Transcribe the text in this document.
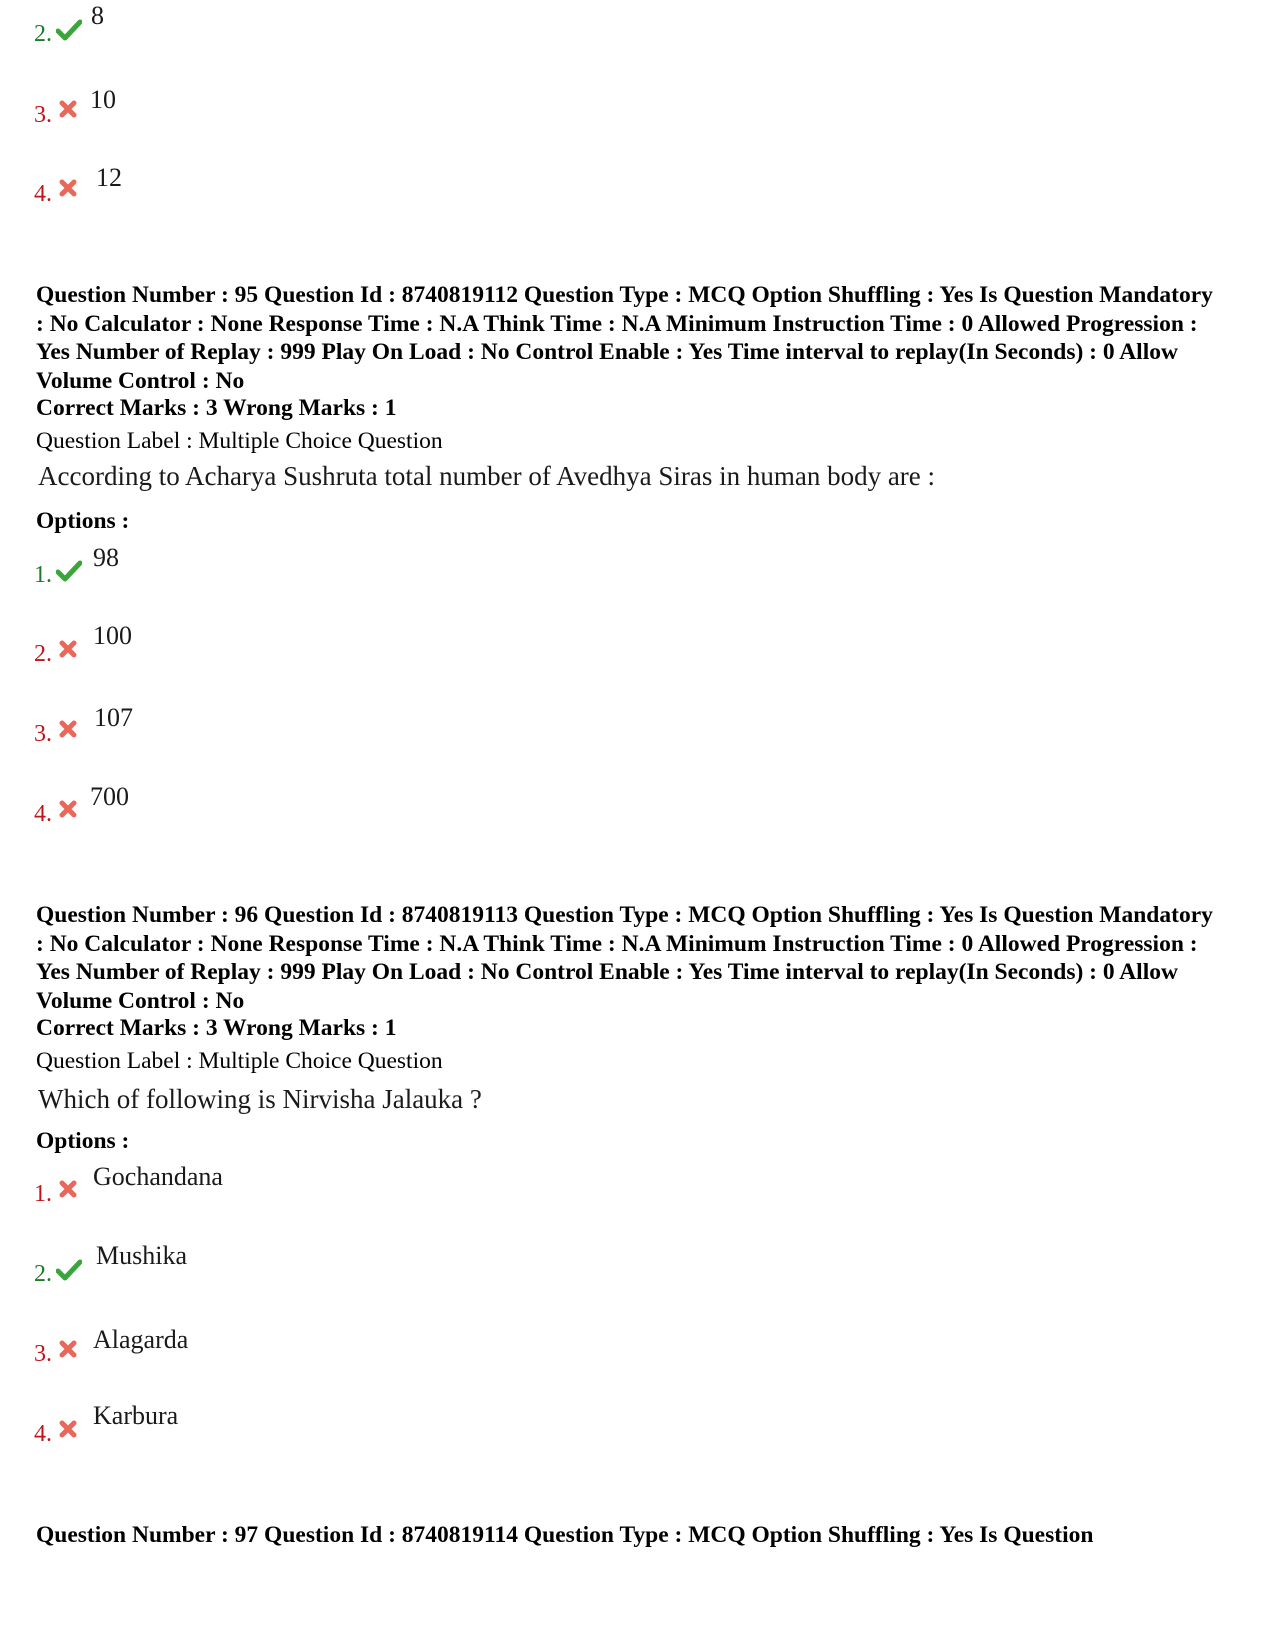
2.
8
3.
10
4.
12
Question Number : 95 Question Id : 8740819112 Question Type : MCQ Option Shuffling : Yes Is Question Mandatory : No Calculator : None Response Time : N.A Think Time : N.A Minimum Instruction Time : 0 Allowed Progression : Yes Number of Replay : 999 Play On Load : No Control Enable : Yes Time interval to replay(In Seconds) : 0 Allow Volume Control : No
Correct Marks : 3 Wrong Marks : 1
Question Label : Multiple Choice Question
According to Acharya Sushruta total number of Avedhya Siras in human body are :
Options :
1.
98
2.
100
3.
107
4.
700
Question Number : 96 Question Id : 8740819113 Question Type : MCQ Option Shuffling : Yes Is Question Mandatory : No Calculator : None Response Time : N.A Think Time : N.A Minimum Instruction Time : 0 Allowed Progression : Yes Number of Replay : 999 Play On Load : No Control Enable : Yes Time interval to replay(In Seconds) : 0 Allow Volume Control : No
Correct Marks : 3 Wrong Marks : 1
Question Label : Multiple Choice Question
Which of following is Nirvisha Jalauka ?
Options :
1.
Gochandana
2.
Mushika
3. Alagarda
4.
Karbura
Question Number : 97 Question Id : 8740819114 Question Type : MCQ Option Shuffling : Yes Is Question
